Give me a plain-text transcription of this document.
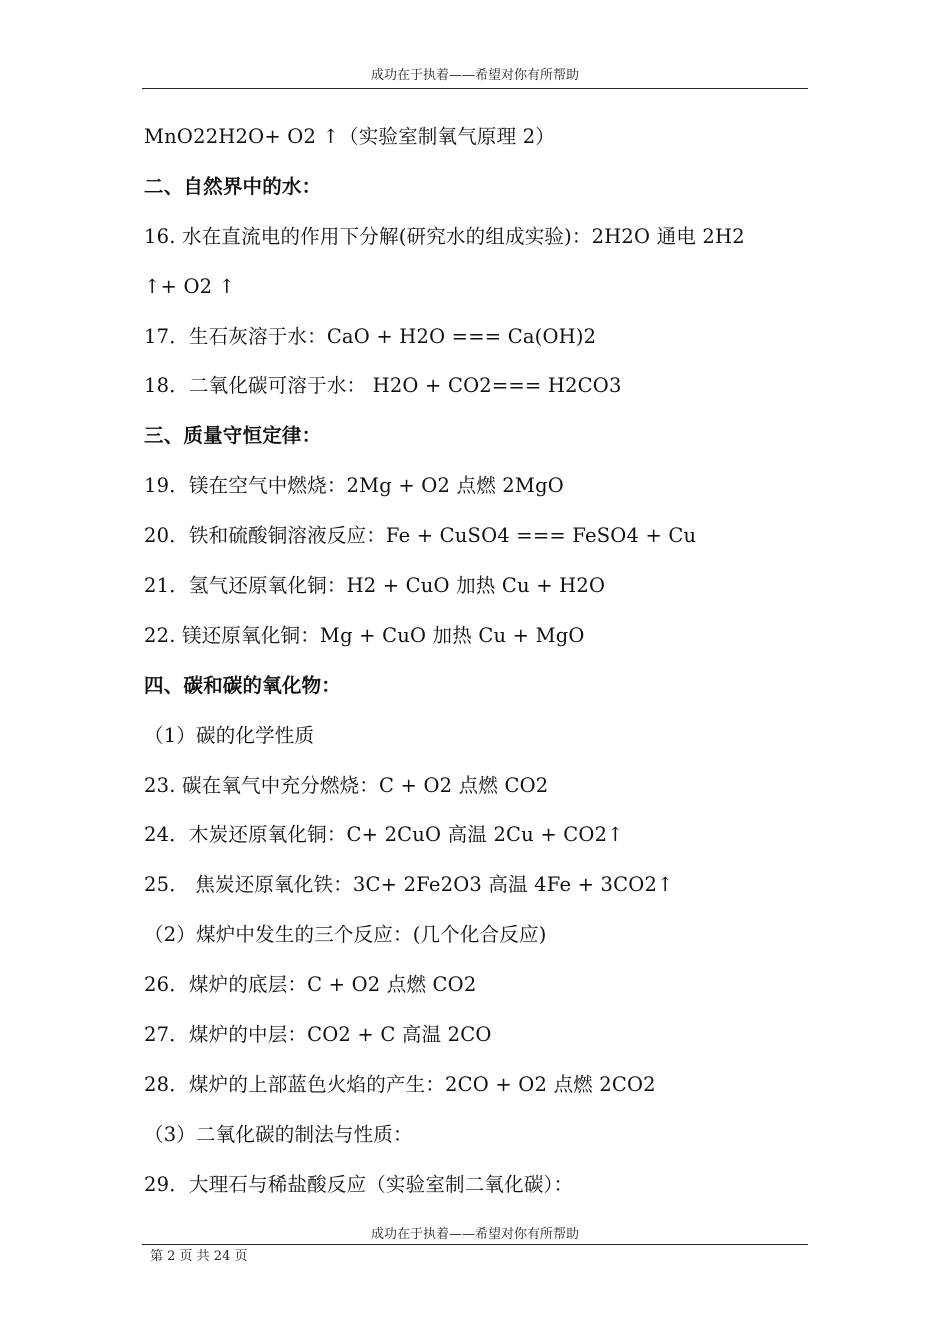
成功在于执着——希望对你有所帮助
MnO22H2O+ O2 ↑（实验室制氧气原理 2）
二、自然界中的水：
16. 水在直流电的作用下分解(研究水的组成实验)：2H2O 通电 2H2
↑+ O2 ↑
17．生石灰溶于水：CaO + H2O === Ca(OH)2
18．二氧化碳可溶于水： H2O + CO2=== H2CO3
三、质量守恒定律：
19．镁在空气中燃烧：2Mg + O2 点燃 2MgO
20．铁和硫酸铜溶液反应：Fe + CuSO4 === FeSO4 + Cu
21．氢气还原氧化铜：H2 + CuO 加热 Cu + H2O
22. 镁还原氧化铜：Mg + CuO 加热 Cu + MgO
四、碳和碳的氧化物：
（1）碳的化学性质
23. 碳在氧气中充分燃烧：C + O2 点燃 CO2
24．木炭还原氧化铜：C+ 2CuO 高温 2Cu + CO2↑
25． 焦炭还原氧化铁：3C+ 2Fe2O3 高温 4Fe + 3CO2↑
（2）煤炉中发生的三个反应：(几个化合反应)
26．煤炉的底层：C + O2 点燃 CO2
27．煤炉的中层：CO2 + C 高温 2CO
28．煤炉的上部蓝色火焰的产生：2CO + O2 点燃 2CO2
（3）二氧化碳的制法与性质：
29．大理石与稀盐酸反应（实验室制二氧化碳）：
成功在于执着——希望对你有所帮助
第 2 页 共 24 页
